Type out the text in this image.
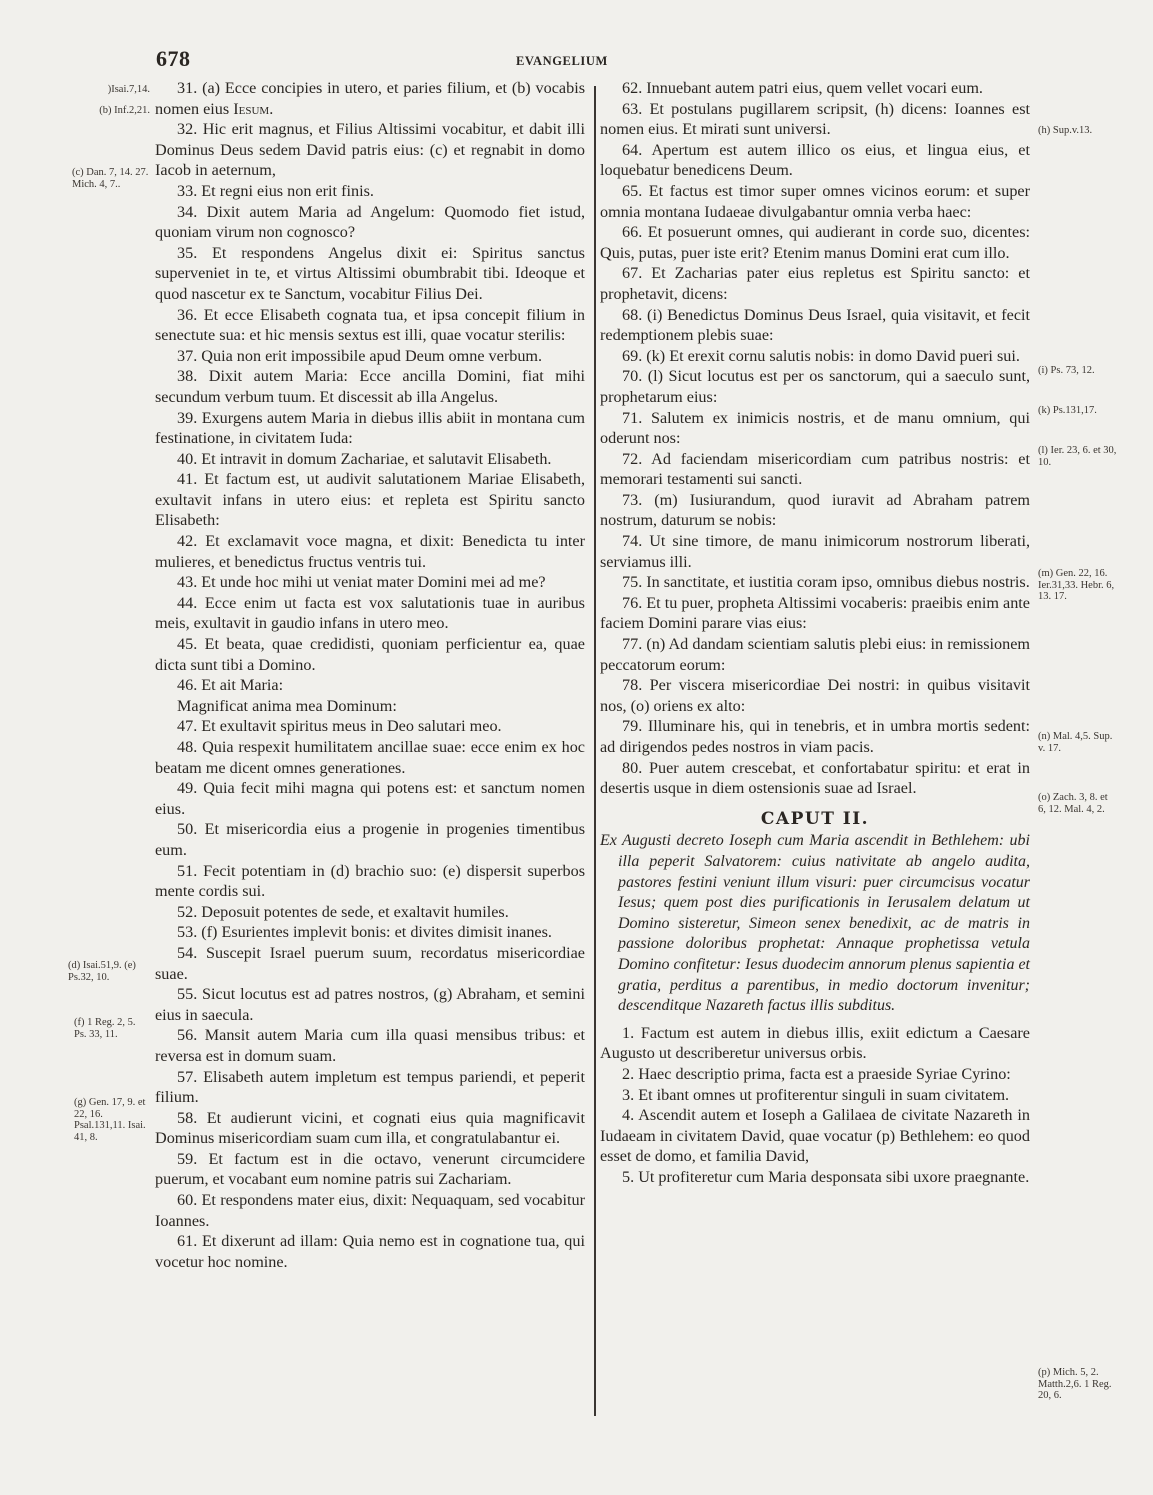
678	EVANGELIUM

31. (a) Ecce concipies in utero, et paries filium, et (b) vocabis nomen eius Iesum.

32. Hic erit magnus, et Filius Altissimi vocabitur, et dabit illi Dominus Deus sedem David patris eius: (c) et regnabit in domo Iacob in aeternum,

33. Et regni eius non erit finis.

34. Dixit autem Maria ad Angelum: Quomodo fiet istud, quoniam virum non cognosco?

35. Et respondens Angelus dixit ei: Spiritus sanctus superveniet in te, et virtus Altissimi obumbrabit tibi. Ideoque et quod nascetur ex te Sanctum, vocabitur Filius Dei.

36. Et ecce Elisabeth cognata tua, et ipsa concepit filium in senectute sua: et hic mensis sextus est illi, quae vocatur sterilis:

37. Quia non erit impossibile apud Deum omne verbum.

38. Dixit autem Maria: Ecce ancilla Domini, fiat mihi secundum verbum tuum. Et discessit ab illa Angelus.

39. Exurgens autem Maria in diebus illis abiit in montana cum festinatione, in civitatem Iuda:

40. Et intravit in domum Zachariae, et salutavit Elisabeth.

41. Et factum est, ut audivit salutationem Mariae Elisabeth, exultavit infans in utero eius: et repleta est Spiritu sancto Elisabeth:

42. Et exclamavit voce magna, et dixit: Benedicta tu inter mulieres, et benedictus fructus ventris tui.

43. Et unde hoc mihi ut veniat mater Domini mei ad me?

44. Ecce enim ut facta est vox salutationis tuae in auribus meis, exultavit in gaudio infans in utero meo.

45. Et beata, quae credidisti, quoniam perficientur ea, quae dicta sunt tibi a Domino.

46. Et ait Maria:

Magnificat anima mea Dominum:

47. Et exultavit spiritus meus in Deo salutari meo.

48. Quia respexit humilitatem ancillae suae: ecce enim ex hoc beatam me dicent omnes generationes.

49. Quia fecit mihi magna qui potens est: et sanctum nomen eius.

50. Et misericordia eius a progenie in progenies timentibus eum.

51. Fecit potentiam in (d) brachio suo: (e) dispersit superbos mente cordis sui.

52. Deposuit potentes de sede, et exaltavit humiles.

53. (f) Esurientes implevit bonis: et divites dimisit inanes.

54. Suscepit Israel puerum suum, recordatus misericordiae suae.

55. Sicut locutus est ad patres nostros, (g) Abraham, et semini eius in saecula.

56. Mansit autem Maria cum illa quasi mensibus tribus: et reversa est in domum suam.

57. Elisabeth autem impletum est tempus pariendi, et peperit filium.

58. Et audierunt vicini, et cognati eius quia magnificavit Dominus misericordiam suam cum illa, et congratulabantur ei.

59. Et factum est in die octavo, venerunt circumcidere puerum, et vocabant eum nomine patris sui Zachariam.

60. Et respondens mater eius, dixit: Nequaquam, sed vocabitur Ioannes.

61. Et dixerunt ad illam: Quia nemo est in cognatione tua, qui vocetur hoc nomine.

62. Innuebant autem patri eius, quem vellet vocari eum.

63. Et postulans pugillarem scripsit, (h) dicens: Ioannes est nomen eius. Et mirati sunt universi.

64. Apertum est autem illico os eius, et lingua eius, et loquebatur benedicens Deum.

65. Et factus est timor super omnes vicinos eorum: et super omnia montana Iudaeae divulgabantur omnia verba haec:

66. Et posuerunt omnes, qui audierant in corde suo, dicentes: Quis, putas, puer iste erit? Etenim manus Domini erat cum illo.

67. Et Zacharias pater eius repletus est Spiritu sancto: et prophetavit, dicens:

68. (i) Benedictus Dominus Deus Israel, quia visitavit, et fecit redemptionem plebis suae:

69. (k) Et erexit cornu salutis nobis: in domo David pueri sui.

70. (l) Sicut locutus est per os sanctorum, qui a saeculo sunt, prophetarum eius:

71. Salutem ex inimicis nostris, et de manu omnium, qui oderunt nos:

72. Ad faciendam misericordiam cum patribus nostris: et memorari testamenti sui sancti.

73. (m) Iusiurandum, quod iuravit ad Abraham patrem nostrum, daturum se nobis:

74. Ut sine timore, de manu inimicorum nostrorum liberati, serviamus illi.

75. In sanctitate, et iustitia coram ipso, omnibus diebus nostris.

76. Et tu puer, propheta Altissimi vocaberis: praeibis enim ante faciem Domini parare vias eius:

77. (n) Ad dandam scientiam salutis plebi eius: in remissionem peccatorum eorum:

78. Per viscera misericordiae Dei nostri: in quibus visitavit nos, (o) oriens ex alto:

79. Illuminare his, qui in tenebris, et in umbra mortis sedent: ad dirigendos pedes nostros in viam pacis.

80. Puer autem crescebat, et confortabatur spiritu: et erat in desertis usque in diem ostensionis suae ad Israel.

CAPUT II.

Ex Augusti decreto Ioseph cum Maria ascendit in Bethlehem: ubi illa peperit Salvatorem: cuius nativitate ab angelo audita, pastores festini veniunt illum visuri: puer circumcisus vocatur Iesus; quem post dies purificationis in Ierusalem delatum ut Domino sisteretur, Simeon senex benedixit, ac de matris in passione doloribus prophetat: Annaque prophetissa vetula Domino confitetur: Iesus duodecim annorum plenus sapientia et gratia, perditus a parentibus, in medio doctorum invenitur; descenditque Nazareth factus illis subditus.

1. Factum est autem in diebus illis, exiit edictum a Caesare Augusto ut describeretur universus orbis.

2. Haec descriptio prima, facta est a praeside Syriae Cyrino:

3. Et ibant omnes ut profiterentur singuli in suam civitatem.

4. Ascendit autem et Ioseph a Galilaea de civitate Nazareth in Iudaeam in civitatem David, quae vocatur (p) Bethlehem: eo quod esset de domo, et familia David,

5. Ut profiteretur cum Maria desponsata sibi uxore praegnante.

)Isai.7,14.
(b) Inf.2,21.
(c) Dan. 7, 14. 27. Mich. 4, 7..
(d) Isai.51,9. (e) Ps.32, 10.
(f) 1 Reg. 2, 5. Ps. 33, 11.
(g) Gen. 17, 9. et 22, 16. Psal.131,11. Isai. 41, 8.
(h) Sup.v.13.
(i) Ps. 73, 12.
(k) Ps.131,17.
(l) Ier. 23, 6. et 30, 10.
(m) Gen. 22, 16. Ier.31,33. Hebr. 6, 13. 17.
(n) Mal. 4,5. Sup. v. 17.
(o) Zach. 3, 8. et 6, 12. Mal. 4, 2.
(p) Mich. 5, 2. Matth.2,6. 1 Reg. 20, 6.
